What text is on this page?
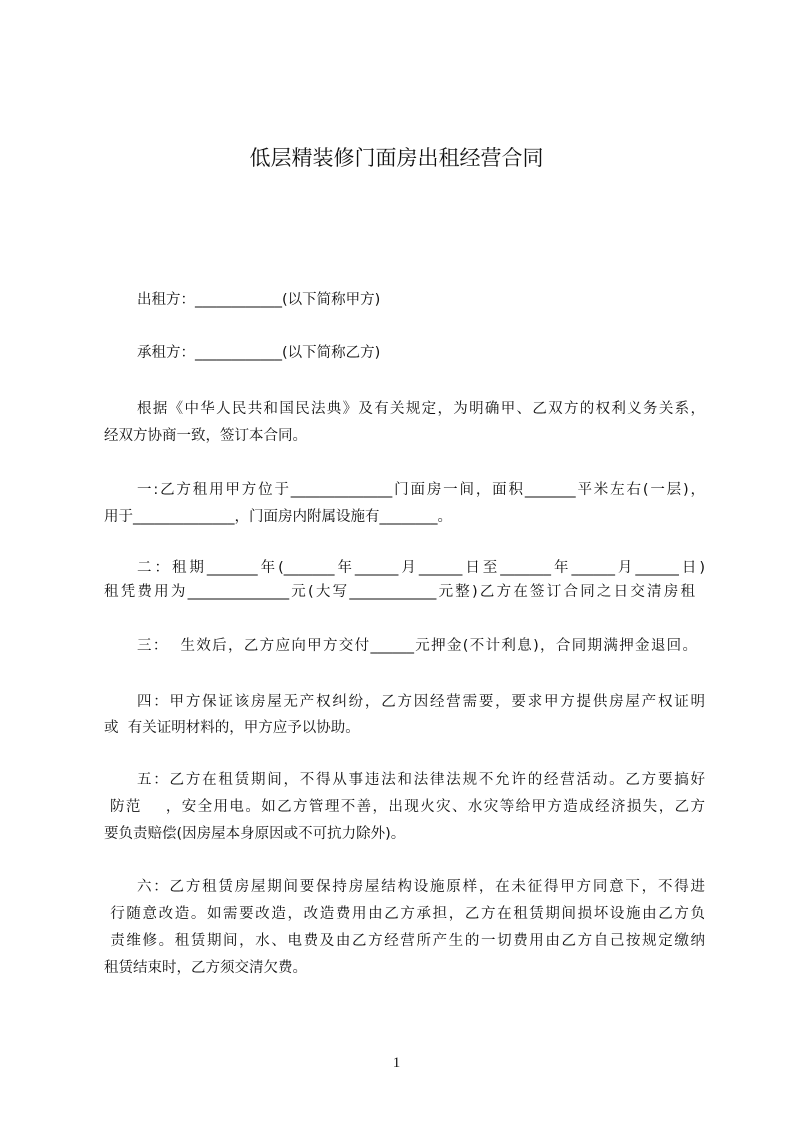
低层精装修门面房出租经营合同
出租方：____________(以下简称甲方)
承租方：____________(以下简称乙方)
根据《中华人民共和国民法典》及有关规定，为明确甲、乙双方的权利义务关系，
经双方协商一致，签订本合同。
一:乙方租用甲方位于______________门面房一间，面积_______平米左右(一层)，
用于______________，门面房内附属设施有________。
二：租期_______年(_______年______月______日至_______年______月______日)
租凭费用为______________元(大写____________元整)乙方在签订合同之日交清房租
三：  生效后，乙方应向甲方交付______元押金(不计利息)，合同期满押金退回。
四：甲方保证该房屋无产权纠纷，乙方因经营需要，要求甲方提供房屋产权证明
或  有关证明材料的，甲方应予以协助。
五：乙方在租赁期间，不得从事违法和法律法规不允许的经营活动。乙方要搞好
防范    ，安全用电。如乙方管理不善，出现火灾、水灾等给甲方造成经济损失，乙方
要负责赔偿(因房屋本身原因或不可抗力除外)。
六：乙方租赁房屋期间要保持房屋结构设施原样，在未征得甲方同意下，不得进
行随意改造。如需要改造，改造费用由乙方承担，乙方在租赁期间损坏设施由乙方负
责维修。租赁期间，水、电费及由乙方经营所产生的一切费用由乙方自己按规定缴纳
租赁结束时，乙方须交清欠费。
1
